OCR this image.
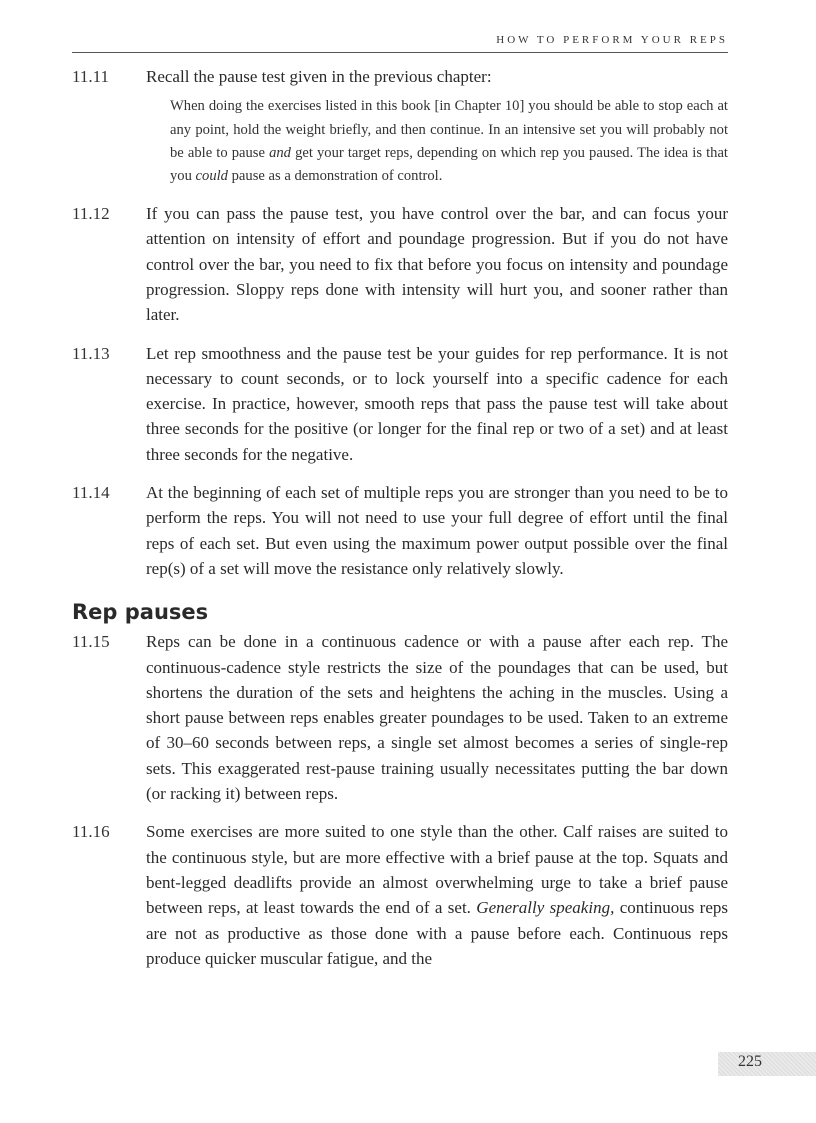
HOW TO PERFORM YOUR REPS
11.11	Recall the pause test given in the previous chapter:
When doing the exercises listed in this book [in Chapter 10] you should be able to stop each at any point, hold the weight briefly, and then continue. In an intensive set you will probably not be able to pause and get your target reps, depending on which rep you paused. The idea is that you could pause as a demonstration of control.
11.12	If you can pass the pause test, you have control over the bar, and can focus your attention on intensity of effort and poundage progression. But if you do not have control over the bar, you need to fix that before you focus on intensity and poundage progression. Sloppy reps done with intensity will hurt you, and sooner rather than later.
11.13	Let rep smoothness and the pause test be your guides for rep performance. It is not necessary to count seconds, or to lock yourself into a specific cadence for each exercise. In practice, however, smooth reps that pass the pause test will take about three seconds for the positive (or longer for the final rep or two of a set) and at least three seconds for the negative.
11.14	At the beginning of each set of multiple reps you are stronger than you need to be to perform the reps. You will not need to use your full degree of effort until the final reps of each set. But even using the maximum power output possible over the final rep(s) of a set will move the resistance only relatively slowly.
Rep pauses
11.15	Reps can be done in a continuous cadence or with a pause after each rep. The continuous-cadence style restricts the size of the poundages that can be used, but shortens the duration of the sets and heightens the aching in the muscles. Using a short pause between reps enables greater poundages to be used. Taken to an extreme of 30–60 seconds between reps, a single set almost becomes a series of single-rep sets. This exaggerated rest-pause training usually necessitates putting the bar down (or racking it) between reps.
11.16	Some exercises are more suited to one style than the other. Calf raises are suited to the continuous style, but are more effective with a brief pause at the top. Squats and bent-legged deadlifts provide an almost overwhelming urge to take a brief pause between reps, at least towards the end of a set. Generally speaking, continuous reps are not as productive as those done with a pause before each. Continuous reps produce quicker muscular fatigue, and the
225
